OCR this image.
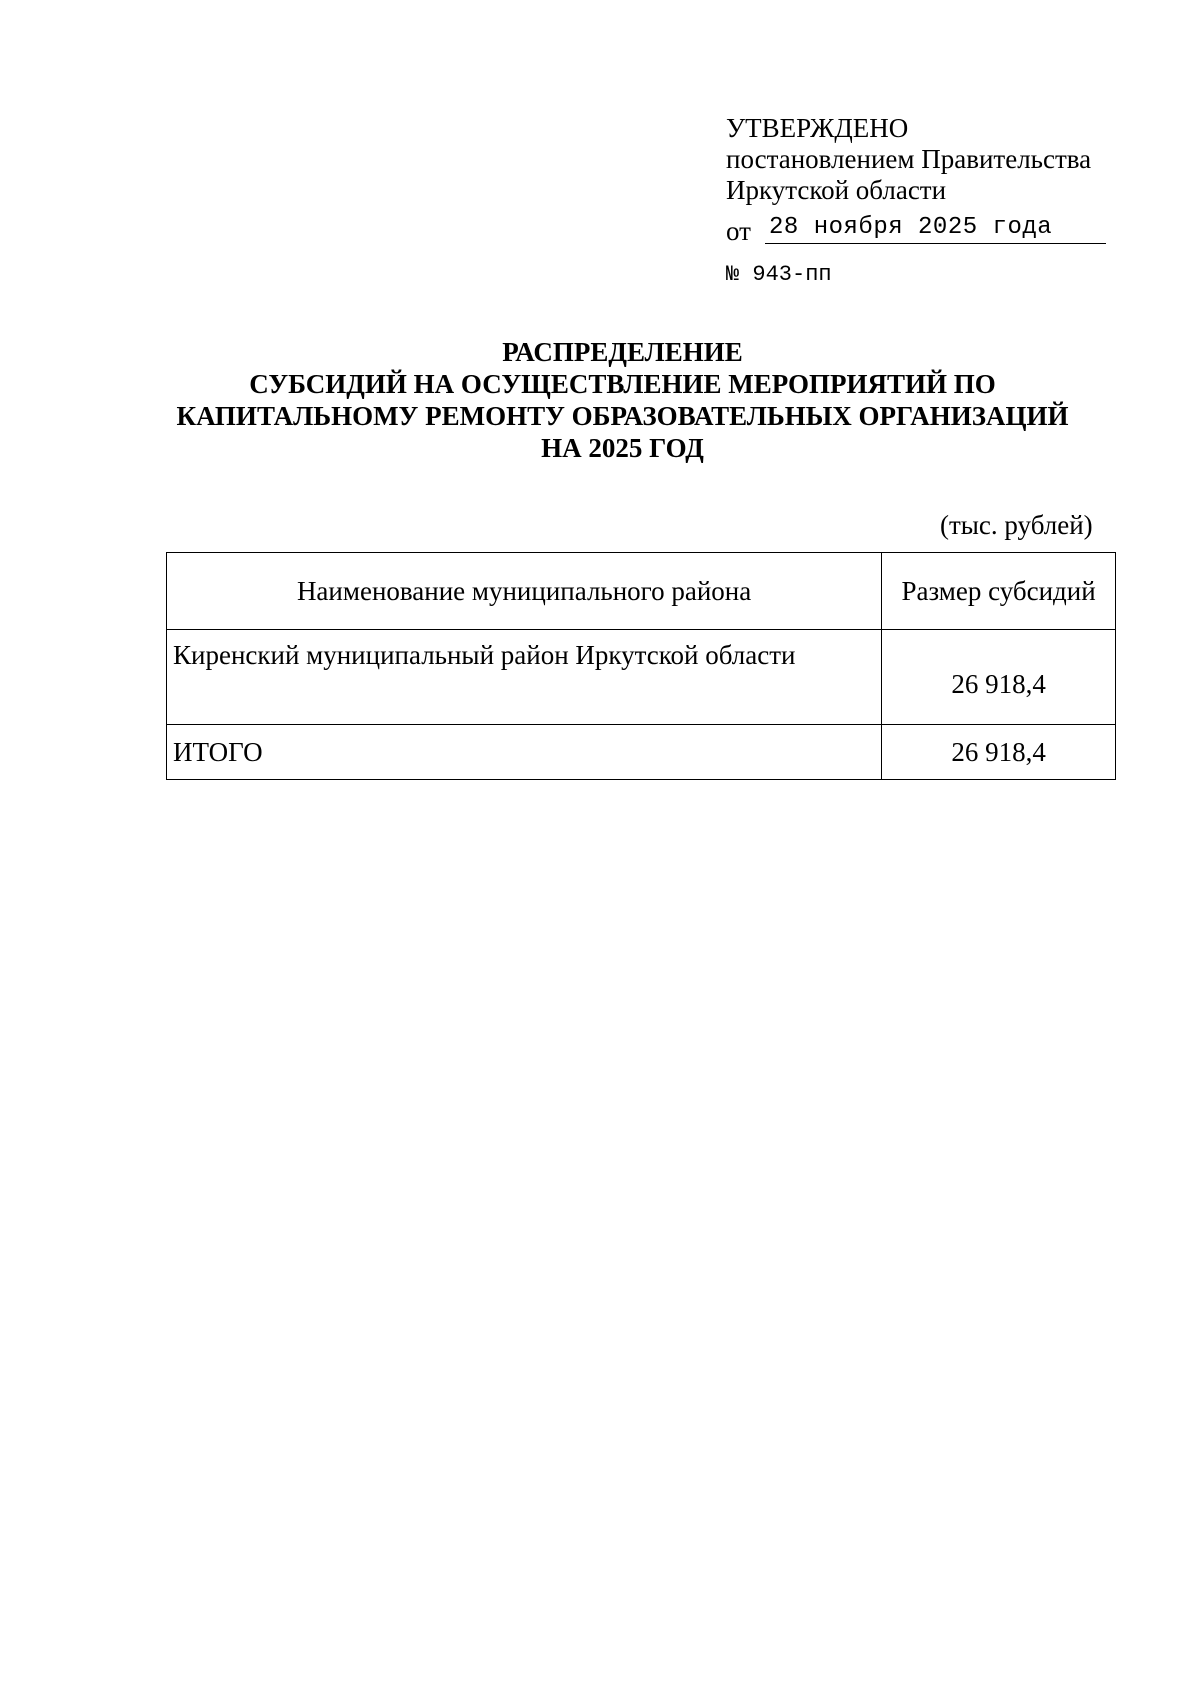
УТВЕРЖДЕНО
постановлением Правительства
Иркутской области
от 28 ноября 2025 года
№ 943-пп
РАСПРЕДЕЛЕНИЕ
СУБСИДИЙ НА ОСУЩЕСТВЛЕНИЕ МЕРОПРИЯТИЙ ПО
КАПИТАЛЬНОМУ РЕМОНТУ ОБРАЗОВАТЕЛЬНЫХ ОРГАНИЗАЦИЙ
НА 2025 ГОД
(тыс. рублей)
Наименование муниципального района	Размер субсидий
Киренский муниципальный район Иркутской области	26 918,4
ИТОГО	26 918,4
